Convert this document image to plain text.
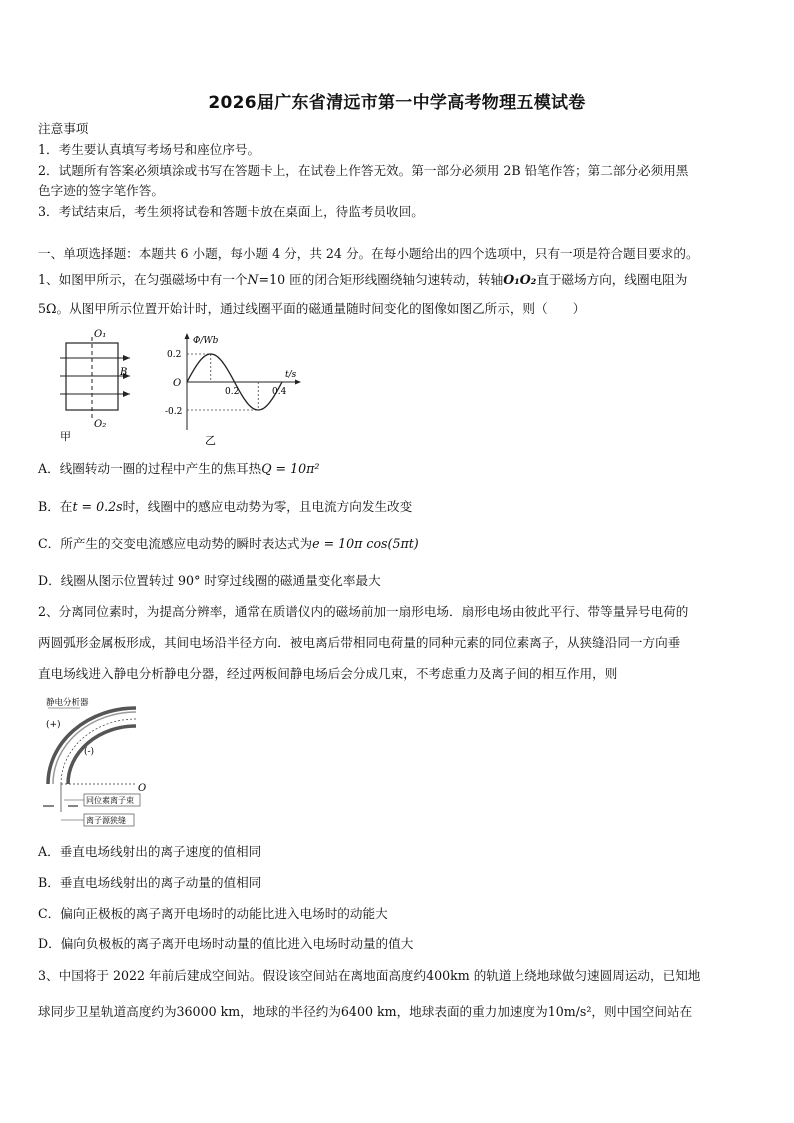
2026届广东省清远市第一中学高考物理五模试卷
注意事项
1．考生要认真填写考场号和座位序号。
2．试题所有答案必须填涂或书写在答题卡上，在试卷上作答无效。第一部分必须用 2B 铅笔作答；第二部分必须用黑
色字迹的签字笔作答。
3．考试结束后，考生须将试卷和答题卡放在桌面上，待监考员收回。
一、单项选择题：本题共 6 小题，每小题 4 分，共 24 分。在每小题给出的四个选项中，只有一项是符合题目要求的。
1、如图甲所示，在匀强磁场中有一个N=10 匝的闭合矩形线圈绕轴匀速转动，转轴O₁O₂直于磁场方向，线圈电阻为
5Ω。从图甲所示位置开始计时，通过线圈平面的磁通量随时间变化的图像如图乙所示，则（　　）
O₁
O₂
B
甲
Φ/Wb
t/s
O
0.2
-0.2
0.2	0.4
乙
A．线圈转动一圈的过程中产生的焦耳热Q = 10π²
B．在t = 0.2s时，线圈中的感应电动势为零，且电流方向发生改变
C．所产生的交变电流感应电动势的瞬时表达式为e = 10π cos(5πt)
D．线圈从图示位置转过 90° 时穿过线圈的磁通量变化率最大
2、分离同位素时，为提高分辨率，通常在质谱仪内的磁场前加一扇形电场．扇形电场由彼此平行、带等量异号电荷的
两圆弧形金属板形成，其间电场沿半径方向．被电离后带相同电荷量的同种元素的同位素离子，从狭缝沿同一方向垂
直电场线进入静电分析静电分器，经过两板间静电场后会分成几束，不考虑重力及离子间的相互作用，则
静电分析器
(+)
(-)
O
同位素离子束
离子源狭缝
A．垂直电场线射出的离子速度的值相同
B．垂直电场线射出的离子动量的值相同
C．偏向正极板的离子离开电场时的动能比进入电场时的动能大
D．偏向负极板的离子离开电场时动量的值比进入电场时动量的值大
3、中国将于 2022 年前后建成空间站。假设该空间站在离地面高度约400km 的轨道上绕地球做匀速圆周运动，已知地
球同步卫星轨道高度约为36000 km，地球的半径约为6400 km，地球表面的重力加速度为10m/s²，则中国空间站在
